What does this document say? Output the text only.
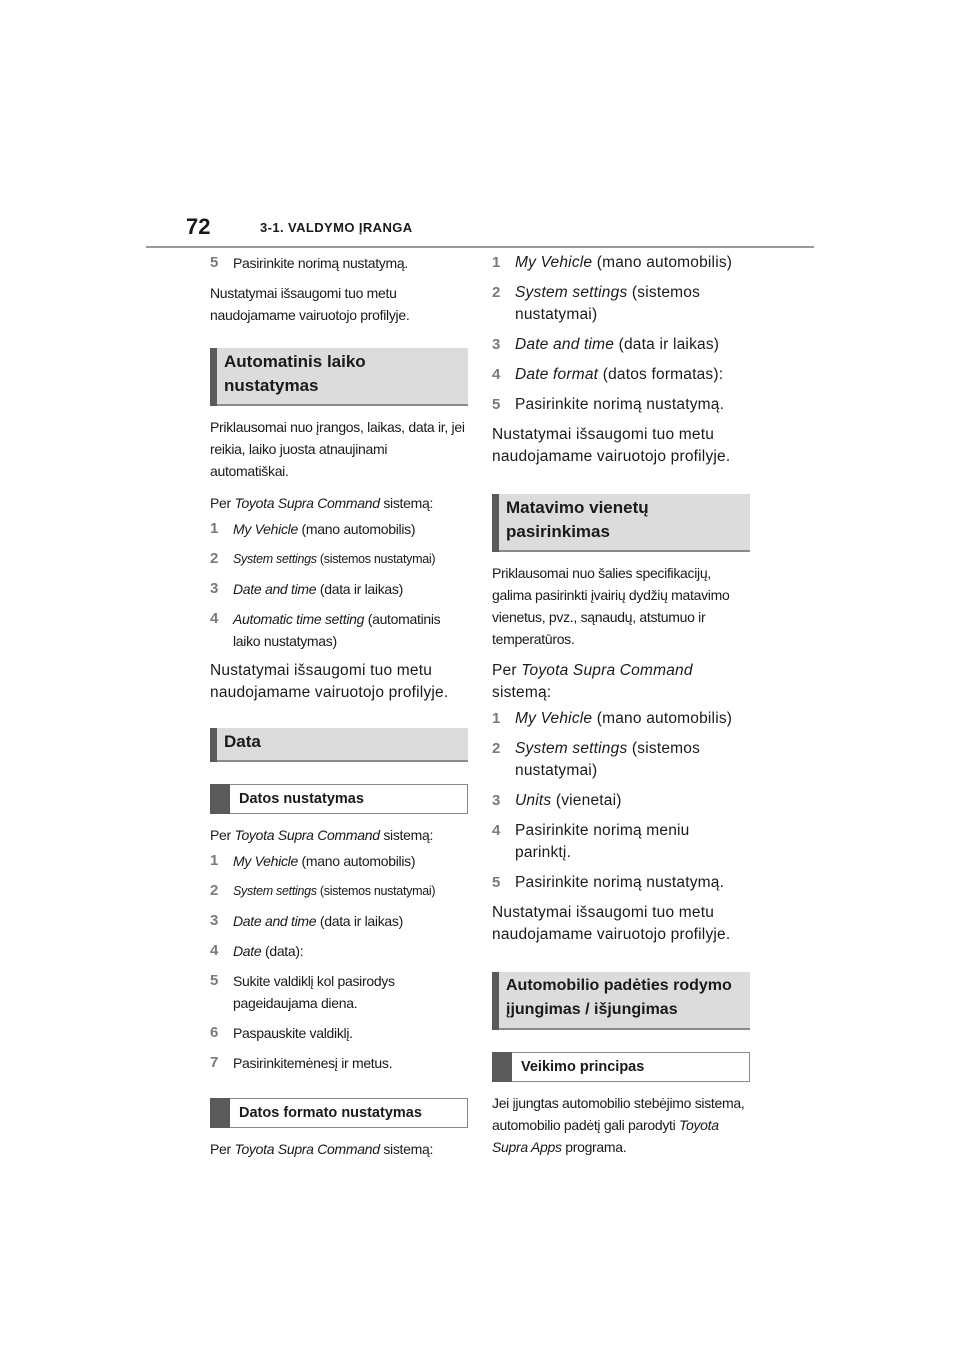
72	3-1. VALDYMO ĮRANGA
5	Pasirinkite norimą nustatymą.

Nustatymai išsaugomi tuo metu naudojamame vairuotojo profilyje.

Automatinis laiko nustatymas

Priklausomai nuo įrangos, laikas, data ir, jei reikia, laiko juosta atnaujinami automatiškai.

Per Toyota Supra Command sistemą:

1	My Vehicle (mano automobilis)
2	System settings (sistemos nustatymai)
3	Date and time (data ir laikas)
4	Automatic time setting (automatinis laiko nustatymas)

Nustatymai išsaugomi tuo metu naudojamame vairuotojo profilyje.

Data
Datos nustatymas

Per Toyota Supra Command sistemą:

1	My Vehicle (mano automobilis)
2	System settings (sistemos nustatymai)
3	Date and time (data ir laikas)
4	Date (data):
5	Sukite valdiklį kol pasirodys pageidaujama diena.
6	Paspauskite valdiklį.
7	Pasirinkitemėnesį ir metus.
Datos formato nustatymas

Per Toyota Supra Command sistemą:

1 My Vehicle (mano automobilis)
2 System settings (sistemos nustatymai)
3 Date and time (data ir laikas)
4 Date format (datos formatas):
5 Pasirinkite norimą nustatymą.

Nustatymai išsaugomi tuo metu naudojamame vairuotojo profilyje.

Matavimo vienetų pasirinkimas

Priklausomai nuo šalies specifikacijų, galima pasirinkti įvairių dydžių matavimo vienetus, pvz., sąnaudų, atstumuo ir temperatūros.

Per Toyota Supra Command sistemą:

1 My Vehicle (mano automobilis)
2 System settings (sistemos nustatymai)
3 Units (vienetai)
4 Pasirinkite norimą meniu parinktį.
5 Pasirinkite norimą nustatymą.

Nustatymai išsaugomi tuo metu naudojamame vairuotojo profilyje.

Automobilio padėties rodymo įjungimas / išjungimas
Veikimo principas

Jei įjungtas automobilio stebėjimo sistema, automobilio padėtį gali parodyti Toyota Supra Apps programa.
